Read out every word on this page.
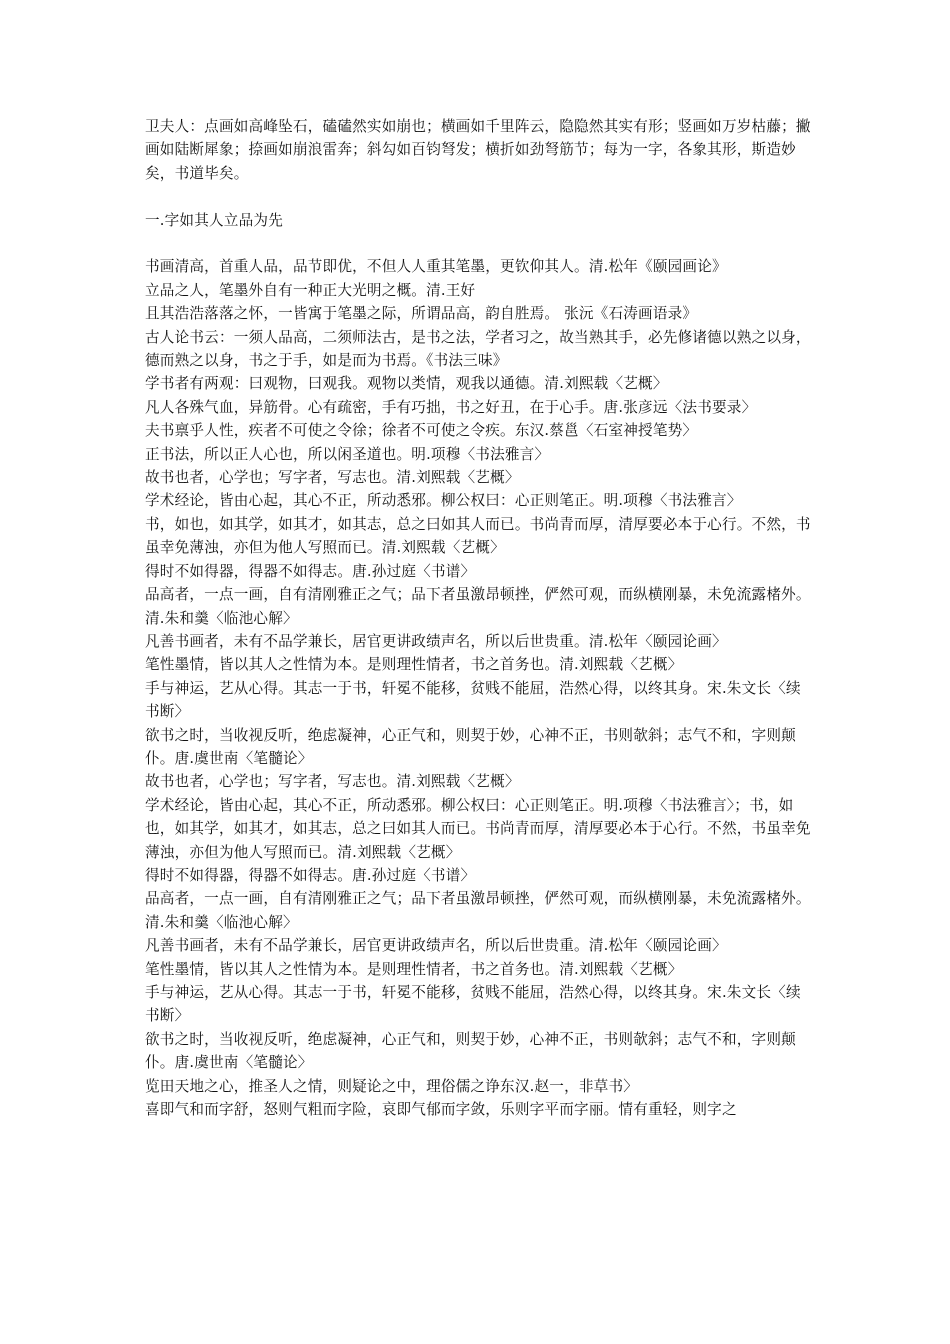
卫夫人：点画如高峰坠石，磕磕然实如崩也；横画如千里阵云，隐隐然其实有形；竖画如万岁枯藤；撇画如陆断犀象；捺画如崩浪雷奔；斜勾如百钧弩发；横折如劲弩筋节；每为一字，各象其形，斯造妙矣，书道毕矣。

一.字如其人立品为先

书画清高，首重人品，品节即优，不但人人重其笔墨，更钦仰其人。清.松年《颐园画论》

立品之人，笔墨外自有一种正大光明之概。清.王好

且其浩浩落落之怀，一皆寓于笔墨之际，所谓品高，韵自胜焉。 张沅《石涛画语录》

古人论书云：一须人品高，二须师法古，是书之法，学者习之，故当熟其手，必先修诸德以熟之以身，德而熟之以身，书之于手，如是而为书焉。《书法三味》

学书者有两观：曰观物，曰观我。观物以类情，观我以通德。清.刘熙载〈艺概〉

凡人各殊气血，异筋骨。心有疏密，手有巧拙，书之好丑，在于心手。唐.张彦远〈法书要录〉

夫书禀乎人性，疾者不可使之令徐；徐者不可使之令疾。东汉.蔡邕〈石室神授笔势〉

正书法，所以正人心也，所以闲圣道也。明.项穆〈书法雅言〉

故书也者，心学也；写字者，写志也。清.刘熙载〈艺概〉

学术经论，皆由心起，其心不正，所动悉邪。柳公权曰：心正则笔正。明.项穆〈书法雅言〉

书，如也，如其学，如其才，如其志，总之曰如其人而已。书尚青而厚，清厚要必本于心行。不然，书虽幸免薄浊，亦但为他人写照而已。清.刘熙载〈艺概〉

得时不如得器，得器不如得志。唐.孙过庭〈书谱〉

品高者，一点一画，自有清刚雅正之气；品下者虽激昂顿挫，俨然可观，而纵横刚暴，未免流露楮外。清.朱和羹〈临池心解〉

凡善书画者，未有不品学兼长，居官更讲政绩声名，所以后世贵重。清.松年〈颐园论画〉

笔性墨情，皆以其人之性情为本。是则理性情者，书之首务也。清.刘熙载〈艺概〉

手与神运，艺从心得。其志一于书，轩冕不能移，贫贱不能屈，浩然心得，以终其身。宋.朱文长〈续书断〉

欲书之时，当收视反听，绝虑凝神，心正气和，则契于妙，心神不正，书则欹斜；志气不和，字则颠仆。唐.虞世南〈笔髓论〉

故书也者，心学也；写字者，写志也。清.刘熙载〈艺概〉

学术经论，皆由心起，其心不正，所动悉邪。柳公权曰：心正则笔正。明.项穆〈书法雅言〉；书，如也，如其学，如其才，如其志，总之曰如其人而已。书尚青而厚，清厚要必本于心行。不然，书虽幸免薄浊，亦但为他人写照而已。清.刘熙载〈艺概〉

得时不如得器，得器不如得志。唐.孙过庭〈书谱〉

品高者，一点一画，自有清刚雅正之气；品下者虽激昂顿挫，俨然可观，而纵横刚暴，未免流露楮外。清.朱和羹〈临池心解〉

凡善书画者，未有不品学兼长，居官更讲政绩声名，所以后世贵重。清.松年〈颐园论画〉

笔性墨情，皆以其人之性情为本。是则理性情者，书之首务也。清.刘熙载〈艺概〉

手与神运，艺从心得。其志一于书，轩冕不能移，贫贱不能屈，浩然心得，以终其身。宋.朱文长〈续书断〉

欲书之时，当收视反听，绝虑凝神，心正气和，则契于妙，心神不正，书则欹斜；志气不和，字则颠仆。唐.虞世南〈笔髓论〉

览田天地之心，推圣人之情，则疑论之中，理俗儒之诤东汉.赵一，非草书〉

喜即气和而字舒，怒则气粗而字险，哀即气郁而字敛，乐则字平而字丽。情有重轻，则字之
